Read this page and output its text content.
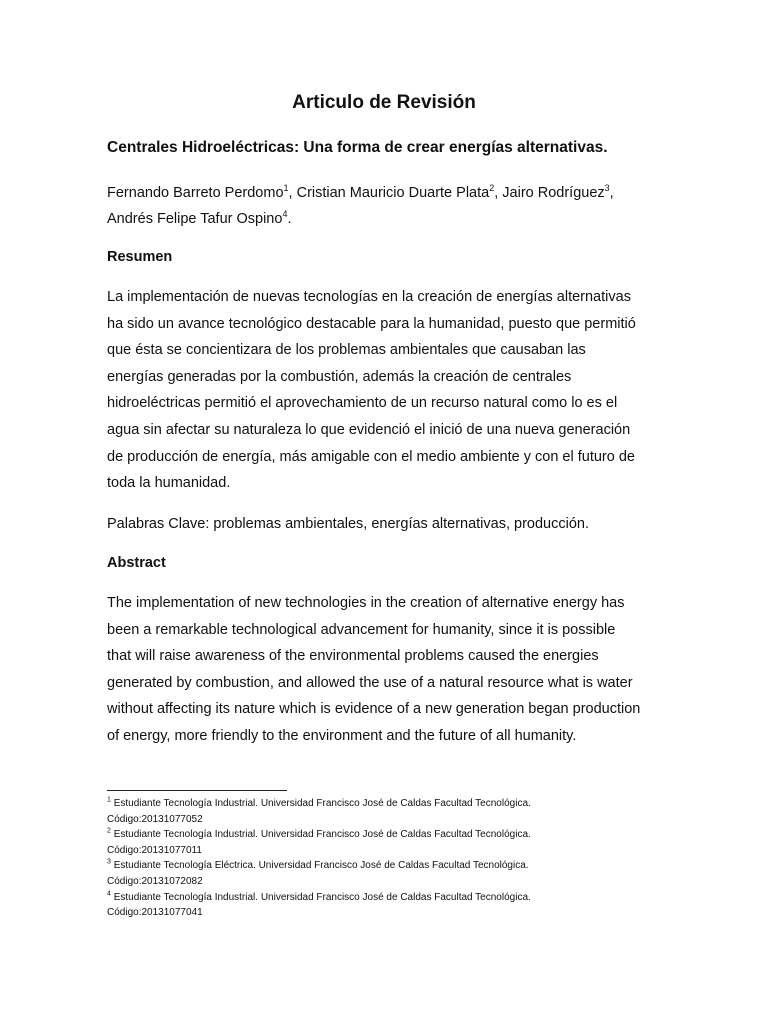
Articulo de Revisión
Centrales Hidroeléctricas: Una forma de crear energías alternativas.

Fernando Barreto Perdomo$^1$, Cristian Mauricio Duarte Plata$^2$, Jairo Rodríguez$^3$,
Andrés Felipe Tafur Ospino$^4$.

Resumen

La implementación de nuevas tecnologías en la creación de energías alternativas
ha sido un avance tecnológico destacable para la humanidad, puesto que permitió
que ésta se concientizara de los problemas ambientales que causaban las
energías generadas por la combustión, además la creación de centrales
hidroeléctricas permitió el aprovechamiento de un recurso natural como lo es el
agua sin afectar su naturaleza lo que evidenció el inició de una nueva generación
de producción de energía, más amigable con el medio ambiente y con el futuro de
toda la humanidad.

Palabras Clave: problemas ambientales, energías alternativas, producción.

Abstract

The implementation of new technologies in the creation of alternative energy has
been a remarkable technological advancement for humanity, since it is possible
that will raise awareness of the environmental problems caused the energies
generated by combustion, and allowed the use of a natural resource what is water
without affecting its nature which is evidence of a new generation began production
of energy, more friendly to the environment and the future of all humanity.

$^1$ Estudiante Tecnología Industrial. Universidad Francisco José de Caldas Facultad Tecnológica.
Código:20131077052
$^2$ Estudiante Tecnología Industrial. Universidad Francisco José de Caldas Facultad Tecnológica.
Código:20131077011
$^3$ Estudiante Tecnología Eléctrica. Universidad Francisco José de Caldas Facultad Tecnológica.
Código:20131072082
$^4$ Estudiante Tecnología Industrial. Universidad Francisco José de Caldas Facultad Tecnológica.
Código:20131077041
